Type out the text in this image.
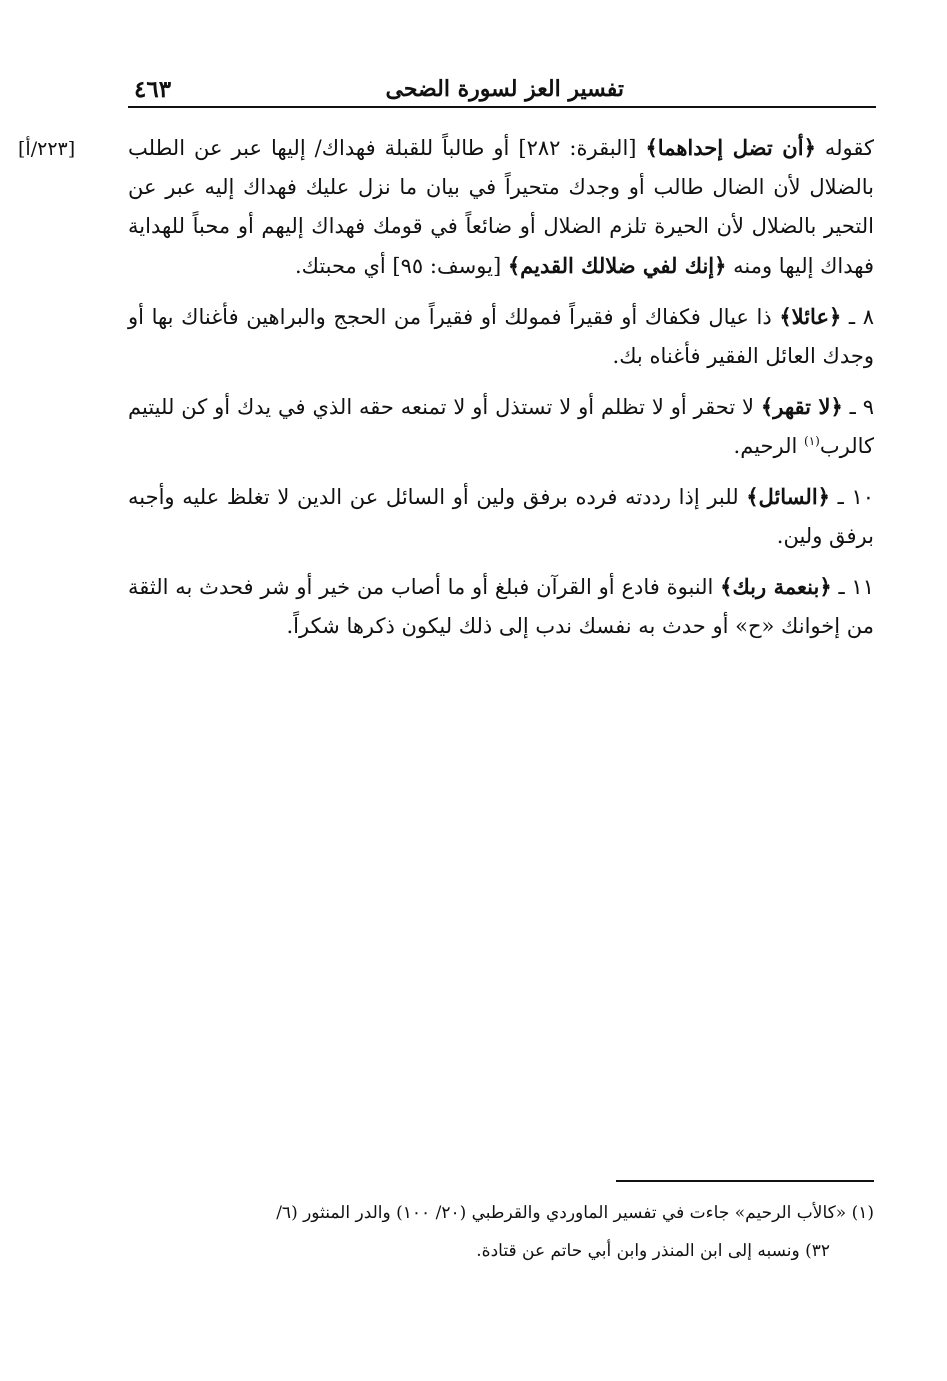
تفسير العز لسورة الضحى
٤٦٣
[٢٢٣/أ]	كقوله ﴿أن تضل إحداهما﴾ [البقرة: ٢٨٢] أو طالباً للقبلة فهداك/ إليها عبر عن الطلب بالضلال لأن الضال طالب أو وجدك متحيراً في بيان ما نزل عليك فهداك إليه عبر عن التحير بالضلال لأن الحيرة تلزم الضلال أو ضائعاً في قومك فهداك إليهم أو محباً للهداية فهداك إليها ومنه ﴿إنك لفي ضلالك القديم﴾ [يوسف: ٩٥] أي محبتك.

٨ ـ ﴿عائلا﴾ ذا عيال فكفاك أو فقيراً فمولك أو فقيراً من الحجج والبراهين فأغناك بها أو وجدك العائل الفقير فأغناه بك.

٩ ـ ﴿لا تقهر﴾ لا تحقر أو لا تظلم أو لا تستذل أو لا تمنعه حقه الذي في يدك أو كن لليتيم كالرب$^{(١)}$ الرحيم.

١٠ ـ ﴿السائل﴾ للبر إذا رددته فرده برفق ولين أو السائل عن الدين لا تغلظ عليه وأجبه برفق ولين.

١١ ـ ﴿بنعمة ربك﴾ النبوة فادع أو القرآن فبلغ أو ما أصاب من خير أو شر فحدث به الثقة من إخوانك «ح» أو حدث به نفسك ندب إلى ذلك ليكون ذكرها شكراً.

(١) «كالأب الرحيم» جاءت في تفسير الماوردي والقرطبي (٢٠/ ١٠٠) والدر المنثور (٦/
٣٢) ونسبه إلى ابن المنذر وابن أبي حاتم عن قتادة.
